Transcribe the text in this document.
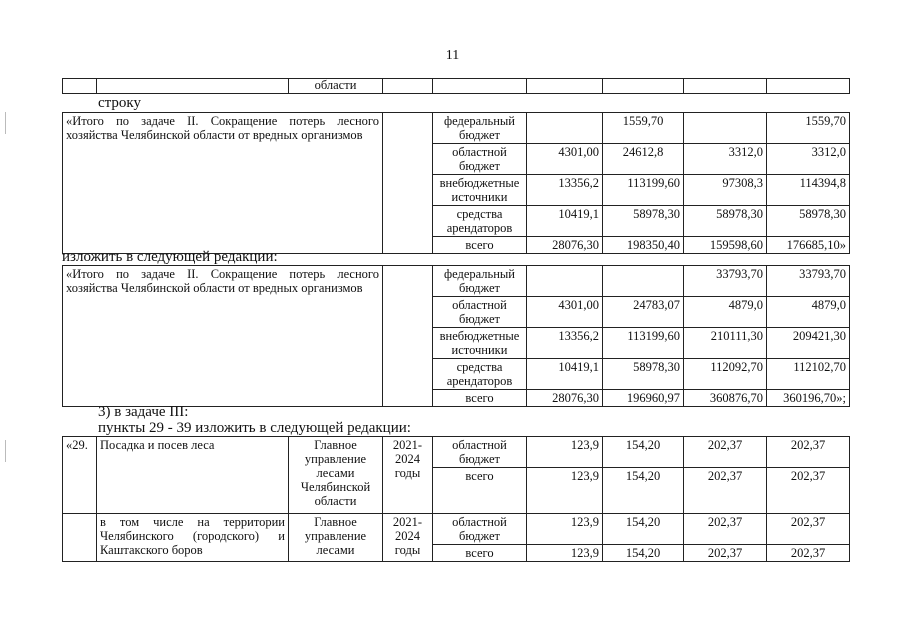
11
		области						
строку
«Итого по задаче II. Сокращение потерь лесного хозяйства Челябинской области от вредных организмов		федеральный бюджет		1559,70		1559,70
		областной бюджет	4301,00	24612,8	3312,0	3312,0
		внебюджетные источники	13356,2	113199,60	97308,3	114394,8
		средства арендаторов	10419,1	58978,30	58978,30	58978,30
		всего	28076,30	198350,40	159598,60	176685,10»
изложить в следующей редакции:
«Итого по задаче II. Сокращение потерь лесного хозяйства Челябинской области от вредных организмов		федеральный бюджет			33793,70	33793,70
		областной бюджет	4301,00	24783,07	4879,0	4879,0
		внебюджетные источники	13356,2	113199,60	210111,30	209421,30
		средства арендаторов	10419,1	58978,30	112092,70	112102,70
		всего	28076,30	196960,97	360876,70	360196,70»;
3) в задаче III:
пункты 29 - 39 изложить в следующей редакции:
«29.	Посадка и посев леса	Главное управление лесами Челябинской области	2021-2024 годы	областной бюджет	123,9	154,20	202,37	202,37
				всего	123,9	154,20	202,37	202,37
	в том числе на территории Челябинского (городского) и Каштакского боров	Главное управление лесами	2021-2024 годы	областной бюджет	123,9	154,20	202,37	202,37
				всего	123,9	154,20	202,37	202,37
